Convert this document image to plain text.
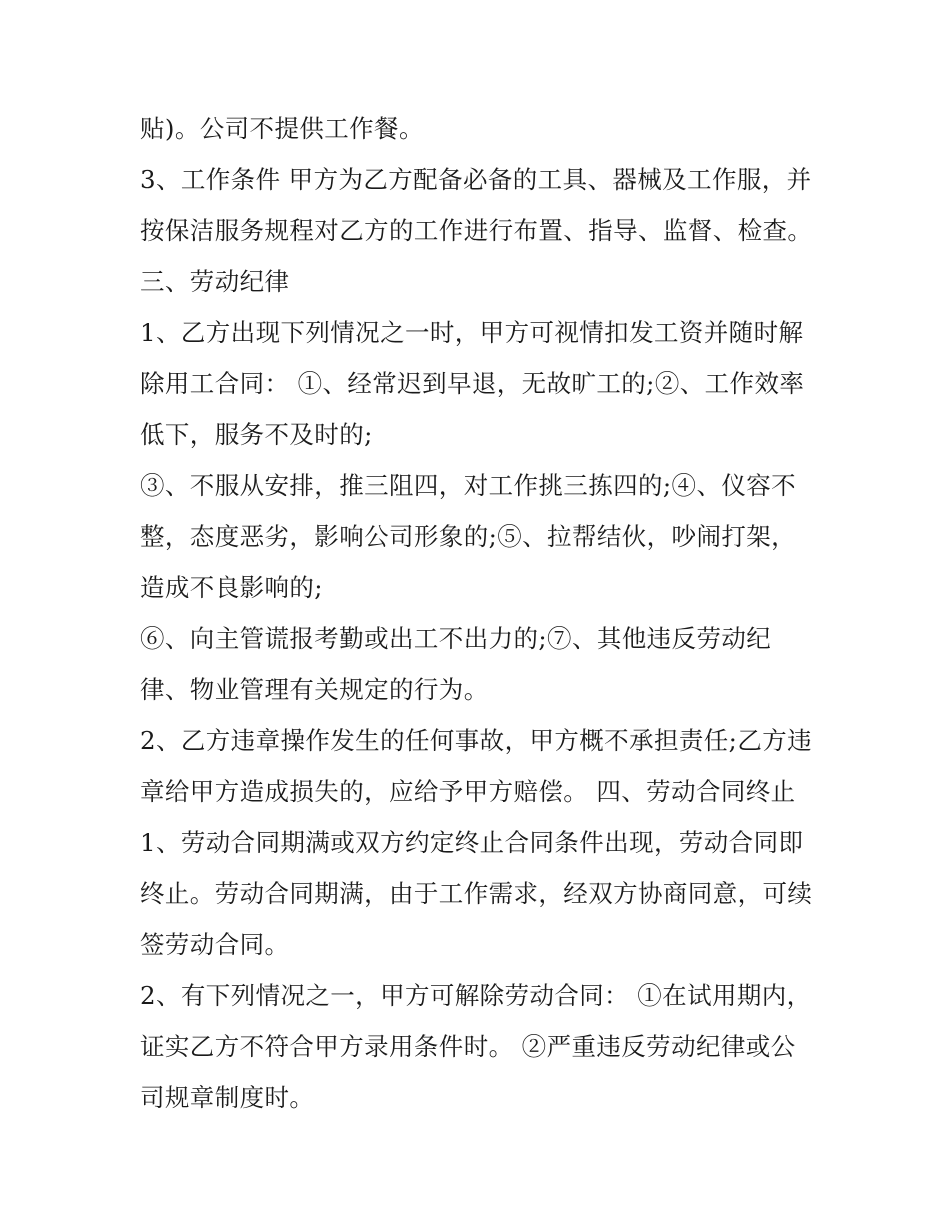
贴)。公司不提供工作餐。

3、工作条件 甲方为乙方配备必备的工具、器械及工作服，并

按保洁服务规程对乙方的工作进行布置、指导、监督、检查。

三、劳动纪律

1、乙方出现下列情况之一时，甲方可视情扣发工资并随时解

除用工合同： ①、经常迟到早退，无故旷工的;②、工作效率

低下，服务不及时的;

③、不服从安排，推三阻四，对工作挑三拣四的;④、仪容不

整，态度恶劣，影响公司形象的;⑤、拉帮结伙，吵闹打架，

造成不良影响的;

⑥、向主管谎报考勤或出工不出力的;⑦、其他违反劳动纪

律、物业管理有关规定的行为。

2、乙方违章操作发生的任何事故，甲方概不承担责任;乙方违

章给甲方造成损失的，应给予甲方赔偿。 四、劳动合同终止

1、劳动合同期满或双方约定终止合同条件出现，劳动合同即

终止。劳动合同期满，由于工作需求，经双方协商同意，可续

签劳动合同。

2、有下列情况之一，甲方可解除劳动合同： ①在试用期内，

证实乙方不符合甲方录用条件时。 ②严重违反劳动纪律或公

司规章制度时。
